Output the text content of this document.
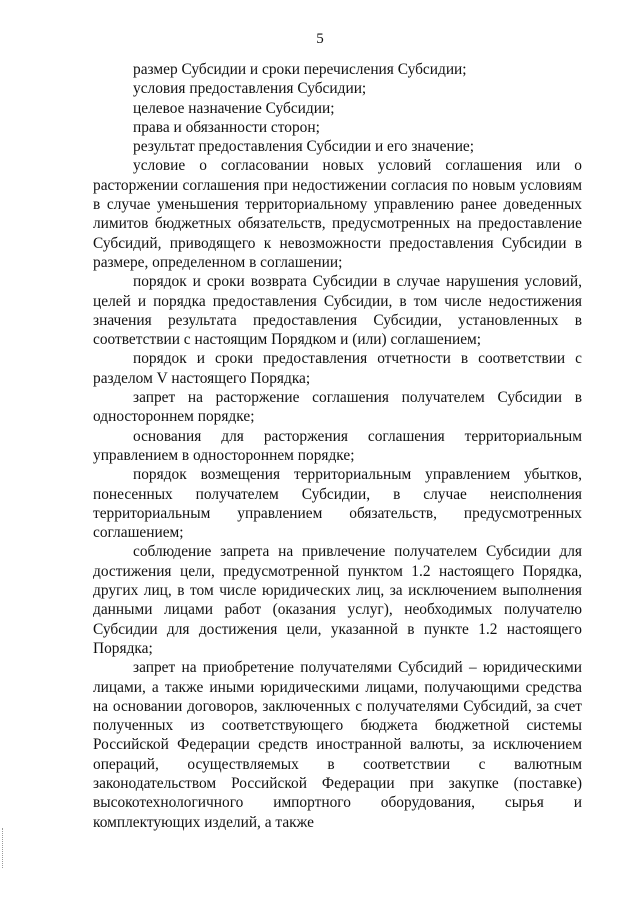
5

размер Субсидии и сроки перечисления Субсидии;

условия предоставления Субсидии;

целевое назначение Субсидии;

права и обязанности сторон;

результат предоставления Субсидии и его значение;

условие о согласовании новых условий соглашения или о расторжении соглашения при недостижении согласия по новым условиям в случае уменьшения территориальному управлению ранее доведенных лимитов бюджетных обязательств, предусмотренных на предоставление Субсидий, приводящего к невозможности предоставления Субсидии в размере, определенном в соглашении;

порядок и сроки возврата Субсидии в случае нарушения условий, целей и порядка предоставления Субсидии, в том числе недостижения значения результата предоставления Субсидии, установленных в соответствии с настоящим Порядком и (или) соглашением;

порядок и сроки предоставления отчетности в соответствии с разделом V настоящего Порядка;

запрет на расторжение соглашения получателем Субсидии в одностороннем порядке;

основания для расторжения соглашения территориальным управлением в одностороннем порядке;

порядок возмещения территориальным управлением убытков, понесенных получателем Субсидии, в случае неисполнения территориальным управлением обязательств, предусмотренных соглашением;

соблюдение запрета на привлечение получателем Субсидии для достижения цели, предусмотренной пунктом 1.2 настоящего Порядка, других лиц, в том числе юридических лиц, за исключением выполнения данными лицами работ (оказания услуг), необходимых получателю Субсидии для достижения цели, указанной в пункте 1.2 настоящего Порядка;

запрет на приобретение получателями Субсидий – юридическими лицами, а также иными юридическими лицами, получающими средства на основании договоров, заключенных с получателями Субсидий, за счет полученных из соответствующего бюджета бюджетной системы Российской Федерации средств иностранной валюты, за исключением операций, осуществляемых в соответствии с валютным законодательством Российской Федерации при закупке (поставке) высокотехнологичного импортного оборудования, сырья и комплектующих изделий, а также
